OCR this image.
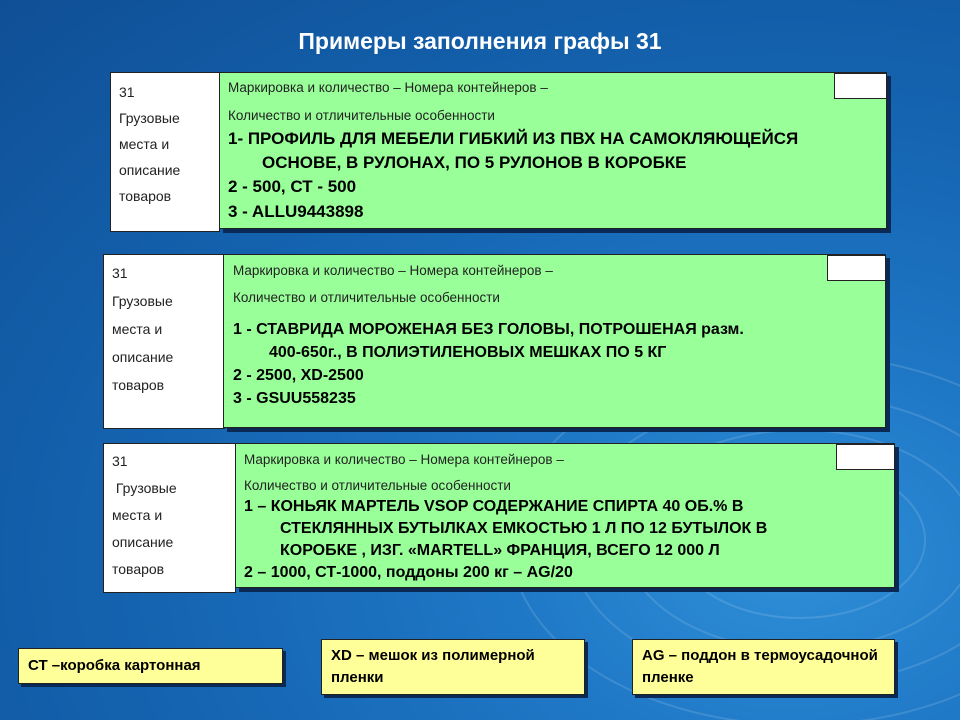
Примеры заполнения графы 31
31
Грузовые
места и
описание
товаров
Маркировка и количество – Номера контейнеров –
Количество и отличительные особенности
1- ПРОФИЛЬ ДЛЯ МЕБЕЛИ ГИБКИЙ ИЗ ПВХ НА САМОКЛЯЮЩЕЙСЯ
ОСНОВЕ, В РУЛОНАХ, ПО 5 РУЛОНОВ В КОРОБКЕ
2 - 500, СТ - 500
3 - ALLU9443898
31
Грузовые
места и
описание
товаров
Маркировка и количество – Номера контейнеров –
Количество и отличительные особенности
1 - СТАВРИДА МОРОЖЕНАЯ БЕЗ ГОЛОВЫ, ПОТРОШЕНАЯ разм.
400-650г., В ПОЛИЭТИЛЕНОВЫХ МЕШКАХ ПО 5 КГ
2 - 2500, XD-2500
3 - GSUU558235
31
Грузовые
места и
описание
товаров
Маркировка и количество – Номера контейнеров –
Количество и отличительные особенности
1 – КОНЬЯК МАРТЕЛЬ VSOP СОДЕРЖАНИЕ СПИРТА 40 ОБ.% В
СТЕКЛЯННЫХ БУТЫЛКАХ ЕМКОСТЬЮ 1 Л ПО 12 БУТЫЛОК В
КОРОБКЕ , ИЗГ. «MARTELL» ФРАНЦИЯ, ВСЕГО 12 000 Л
2 – 1000, СТ-1000, поддоны 200 кг – AG/20
СТ –коробка картонная
XD – мешок из полимерной пленки
AG – поддон в термоусадочной пленке
